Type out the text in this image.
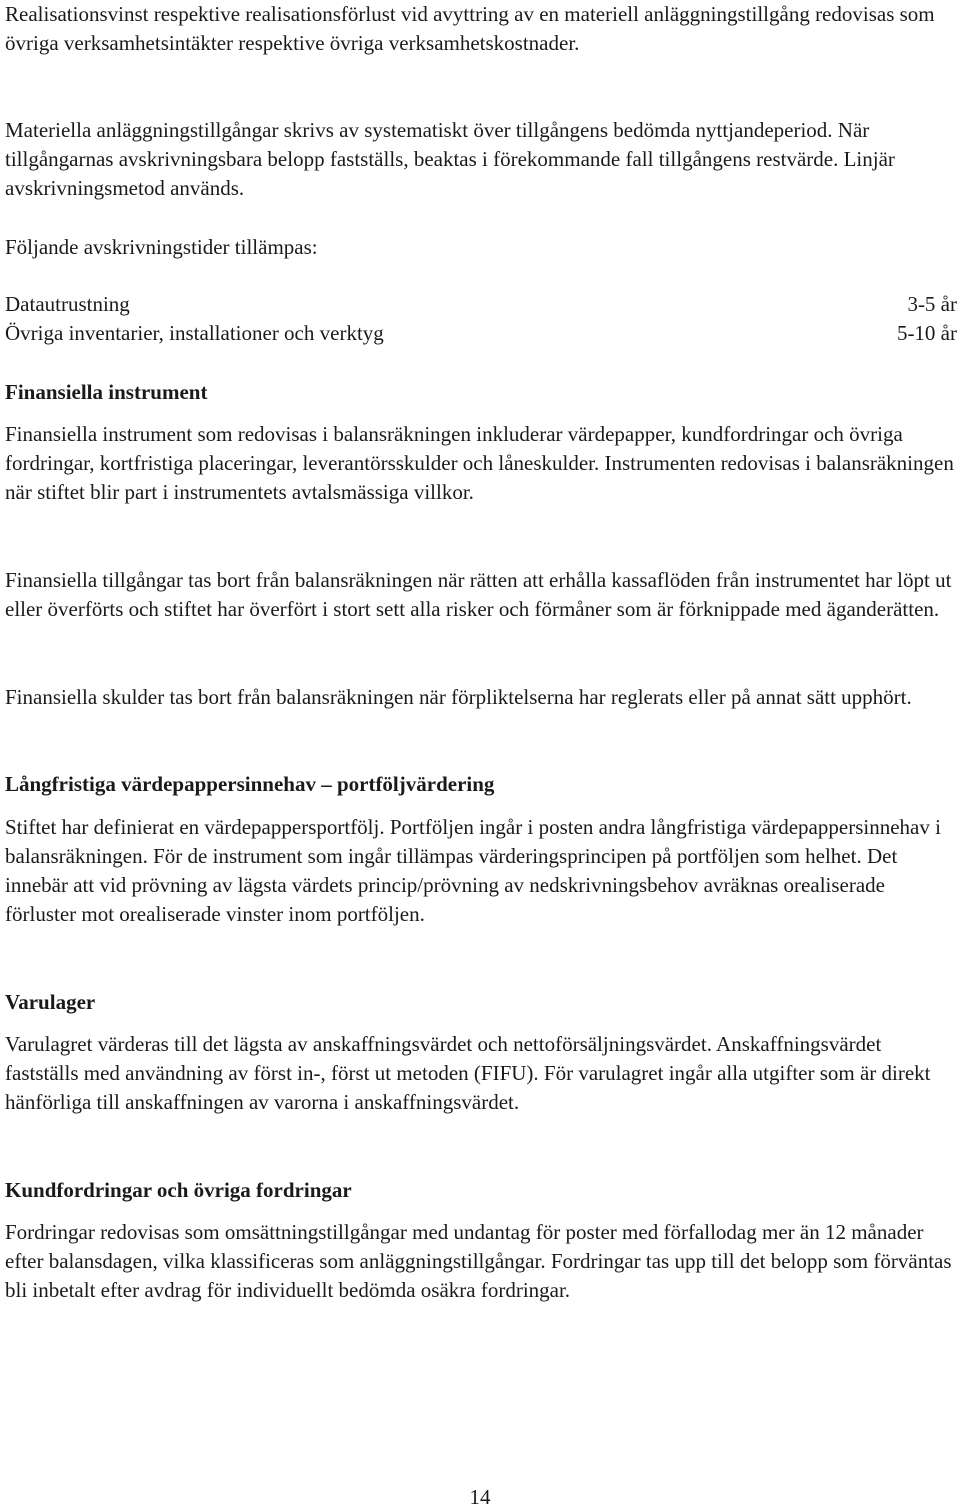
Realisationsvinst respektive realisationsförlust vid avyttring av en materiell anläggningstillgång redovisas som övriga verksamhetsintäkter respektive övriga verksamhetskostnader.

Materiella anläggningstillgångar skrivs av systematiskt över tillgångens bedömda nyttjandeperiod. När tillgångarnas avskrivningsbara belopp fastställs, beaktas i förekommande fall tillgångens restvärde. Linjär avskrivningsmetod används.

Följande avskrivningstider tillämpas:

Datautrustning	3-5 år
Övriga inventarier, installationer och verktyg	5-10 år
Finansiella instrument

Finansiella instrument som redovisas i balansräkningen inkluderar värdepapper, kundfordringar och övriga fordringar, kortfristiga placeringar, leverantörsskulder och låneskulder. Instrumenten redovisas i balansräkningen när stiftet blir part i instrumentets avtalsmässiga villkor.

Finansiella tillgångar tas bort från balansräkningen när rätten att erhålla kassaflöden från instrumentet har löpt ut eller överförts och stiftet har överfört i stort sett alla risker och förmåner som är förknippade med äganderätten.

Finansiella skulder tas bort från balansräkningen när förpliktelserna har reglerats eller på annat sätt upphört.

Långfristiga värdepappersinnehav – portföljvärdering

Stiftet har definierat en värdepappersportfölj. Portföljen ingår i posten andra långfristiga värdepappersinnehav i balansräkningen. För de instrument som ingår tillämpas värderingsprincipen på portföljen som helhet. Det innebär att vid prövning av lägsta värdets princip/prövning av nedskrivningsbehov avräknas orealiserade förluster mot orealiserade vinster inom portföljen.

Varulager

Varulagret värderas till det lägsta av anskaffningsvärdet och nettoförsäljningsvärdet. Anskaffningsvärdet fastställs med användning av först in-, först ut metoden (FIFU). För varulagret ingår alla utgifter som är direkt hänförliga till anskaffningen av varorna i anskaffningsvärdet.

Kundfordringar och övriga fordringar

Fordringar redovisas som omsättningstillgångar med undantag för poster med förfallodag mer än 12 månader efter balansdagen, vilka klassificeras som anläggningstillgångar. Fordringar tas upp till det belopp som förväntas bli inbetalt efter avdrag för individuellt bedömda osäkra fordringar.

14
